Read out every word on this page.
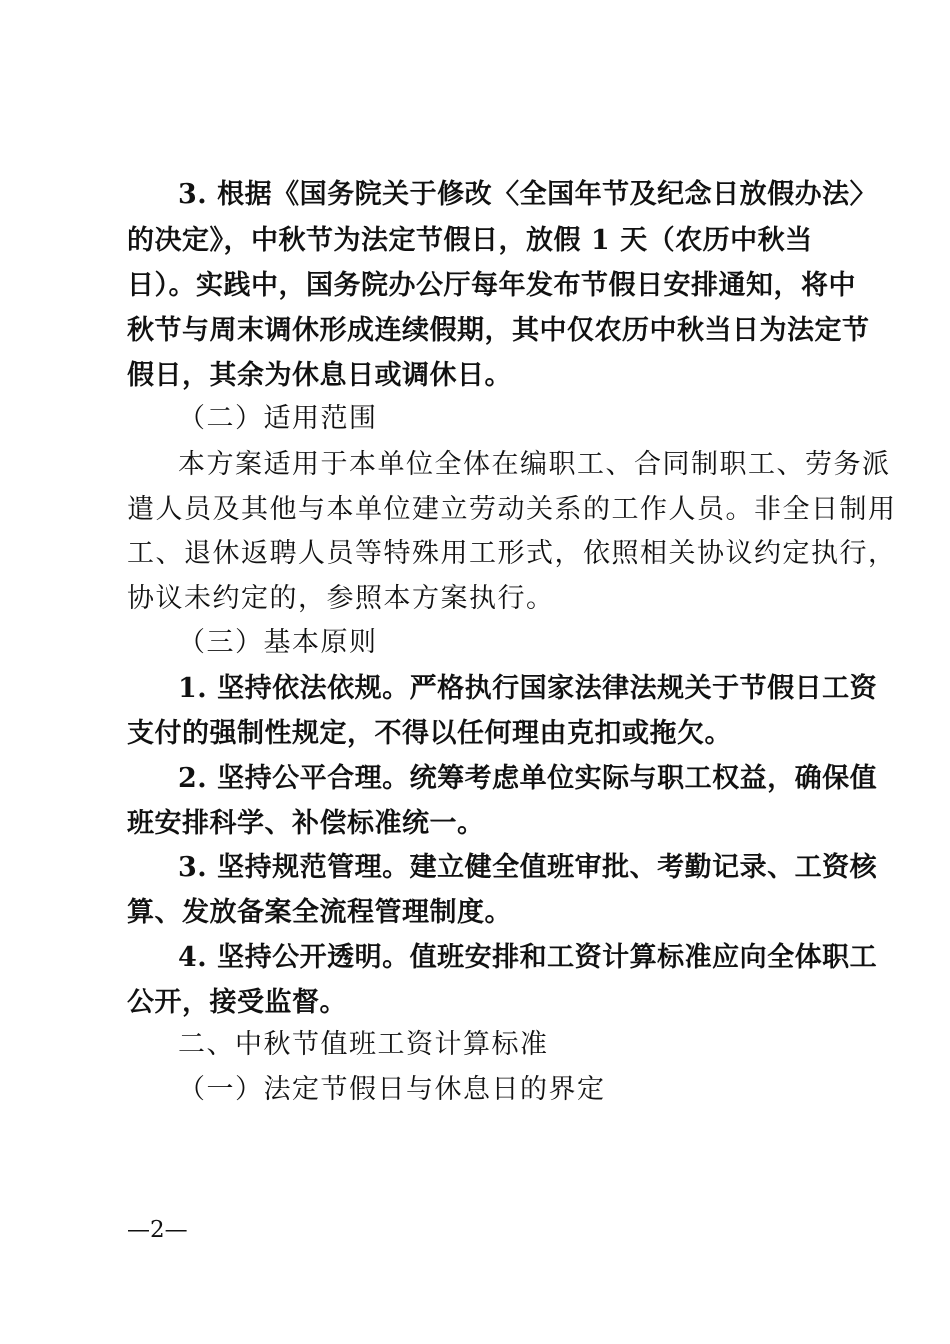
3. 根据《国务院关于修改〈全国年节及纪念日放假办法〉
的决定》，中秋节为法定节假日，放假 1 天（农历中秋当
日）。实践中，国务院办公厅每年发布节假日安排通知，将中
秋节与周末调休形成连续假期，其中仅农历中秋当日为法定节
假日，其余为休息日或调休日。
（二）适用范围
本方案适用于本单位全体在编职工、合同制职工、劳务派
遣人员及其他与本单位建立劳动关系的工作人员。非全日制用
工、退休返聘人员等特殊用工形式，依照相关协议约定执行，
协议未约定的，参照本方案执行。
（三）基本原则
1. 坚持依法依规。严格执行国家法律法规关于节假日工资
支付的强制性规定，不得以任何理由克扣或拖欠。
2. 坚持公平合理。统筹考虑单位实际与职工权益，确保值
班安排科学、补偿标准统一。
3. 坚持规范管理。建立健全值班审批、考勤记录、工资核
算、发放备案全流程管理制度。
4. 坚持公开透明。值班安排和工资计算标准应向全体职工
公开，接受监督。
二、中秋节值班工资计算标准
（一）法定节假日与休息日的界定
—2—
